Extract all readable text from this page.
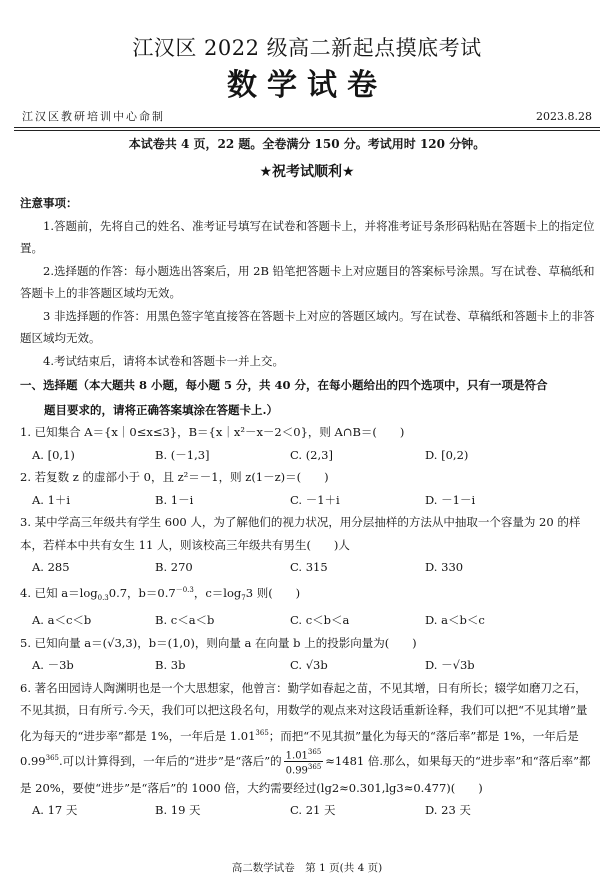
江汉区 2022 级高二新起点摸底考试
数学试卷
江汉区教研培训中心命制	2023.8.28
本试卷共 4 页，22 题。全卷满分 150 分。考试用时 120 分钟。
★祝考试顺利★

注意事项：

1.答题前，先将自己的姓名、准考证号填写在试卷和答题卡上，并将准考证号条形码粘贴在答题卡上的指定位置。

2.选择题的作答：每小题选出答案后，用 2B 铅笔把答题卡上对应题目的答案标号涂黑。写在试卷、草稿纸和答题卡上的非答题区域均无效。

3 非选择题的作答：用黑色签字笔直接答在答题卡上对应的答题区域内。写在试卷、草稿纸和答题卡上的非答题区域均无效。

4.考试结束后，请将本试卷和答题卡一并上交。

一、选择题（本大题共 8 小题，每小题 5 分，共 40 分，在每小题给出的四个选项中，只有一项是符合

题目要求的，请将正确答案填涂在答题卡上.）

1. 已知集合 A＝{x｜0≤x≤3}，B＝{x｜x²－x－2＜0}，则 A∩B＝(　　)

A. [0,1)	B. (－1,3]	C. (2,3]	D. [0,2)

2. 若复数 z 的虚部小于 0，且 z²＝－1，则 z(1－z)＝(　　)

A. 1＋i	B. 1－i	C. －1＋i	D. －1－i

3. 某中学高三年级共有学生 600 人，为了解他们的视力状况，用分层抽样的方法从中抽取一个容量为 20 的样本，若样本中共有女生 11 人，则该校高三年级共有男生(　　)人

A. 285	B. 270	C. 315	D. 330

4. 已知 $a=\log_{0.3}0.7$，$b=0.7^{-0.3}$，$c=\log_73$ 则(　　)

A. a＜c＜b	B. c＜a＜b	C. c＜b＜a	D. a＜b＜c

5. 已知向量 a＝(√3,3)，b＝(1,0)，则向量 a 在向量 b 上的投影向量为(　　)

A. －3b	B. 3b	C. √3b	D. －√3b

6. 著名田园诗人陶渊明也是一个大思想家，他曾言：勤学如春起之苗，不见其增，日有所长；辍学如磨刀之石，不见其损，日有所亏.今天，我们可以把这段名句，用数学的观点来对这段话重新诠释，我们可以把“不见其增”量化为每天的“进步率”都是 1%，一年后是 1.01$^{365}$；而把“不见其损”量化为每天的“落后率”都是 1%，一年后是 0.99$^{365}$.可以计算得到，一年后的“进步”是“落后”的 $\frac{1.01^{365}}{0.99^{365}} \approx 1481$ 倍.那么，如果每天的“进步率”和“落后率”都是 20%，要使“进步”是“落后”的 1000 倍，大约需要经过(lg2≈0.301,lg3≈0.477)(　　)

A. 17 天	B. 19 天	C. 21 天	D. 23 天
高二数学试卷　第 1 页(共 4 页)
